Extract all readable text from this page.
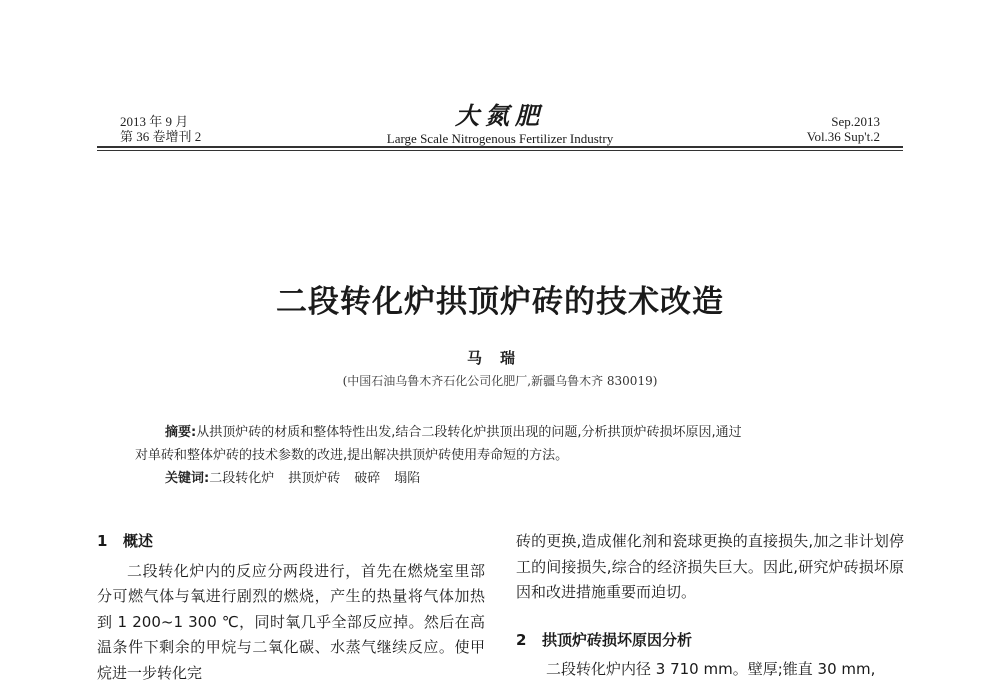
2013 年 9 月
第 36 卷增刊 2
大氮肥
Large Scale Nitrogenous Fertilizer Industry
Sep.2013
Vol.36 Sup't.2
二段转化炉拱顶炉砖的技术改造
马瑞
(中国石油乌鲁木齐石化公司化肥厂,新疆乌鲁木齐 830019)
摘要:从拱顶炉砖的材质和整体特性出发,结合二段转化炉拱顶出现的问题,分析拱顶炉砖损坏原因,通过
对单砖和整体炉砖的技术参数的改进,提出解决拱顶炉砖使用寿命短的方法。
关键词:二段转化炉 拱顶炉砖 破碎 塌陷
1 概述
二段转化炉内的反应分两段进行，首先在燃烧室里部分可燃气体与氧进行剧烈的燃烧，产生的热量将气体加热到 1 200~1 300 ℃，同时氧几乎全部反应掉。然后在高温条件下剩余的甲烷与二氧化碳、水蒸气继续反应。使甲烷进一步转化完
砖的更换,造成催化剂和瓷球更换的直接损失,加之非计划停工的间接损失,综合的经济损失巨大。因此,研究炉砖损坏原因和改进措施重要而迫切。
2 拱顶炉砖损坏原因分析
二段转化炉内径 3 710 mm。壁厚;锥直 30 mm,
